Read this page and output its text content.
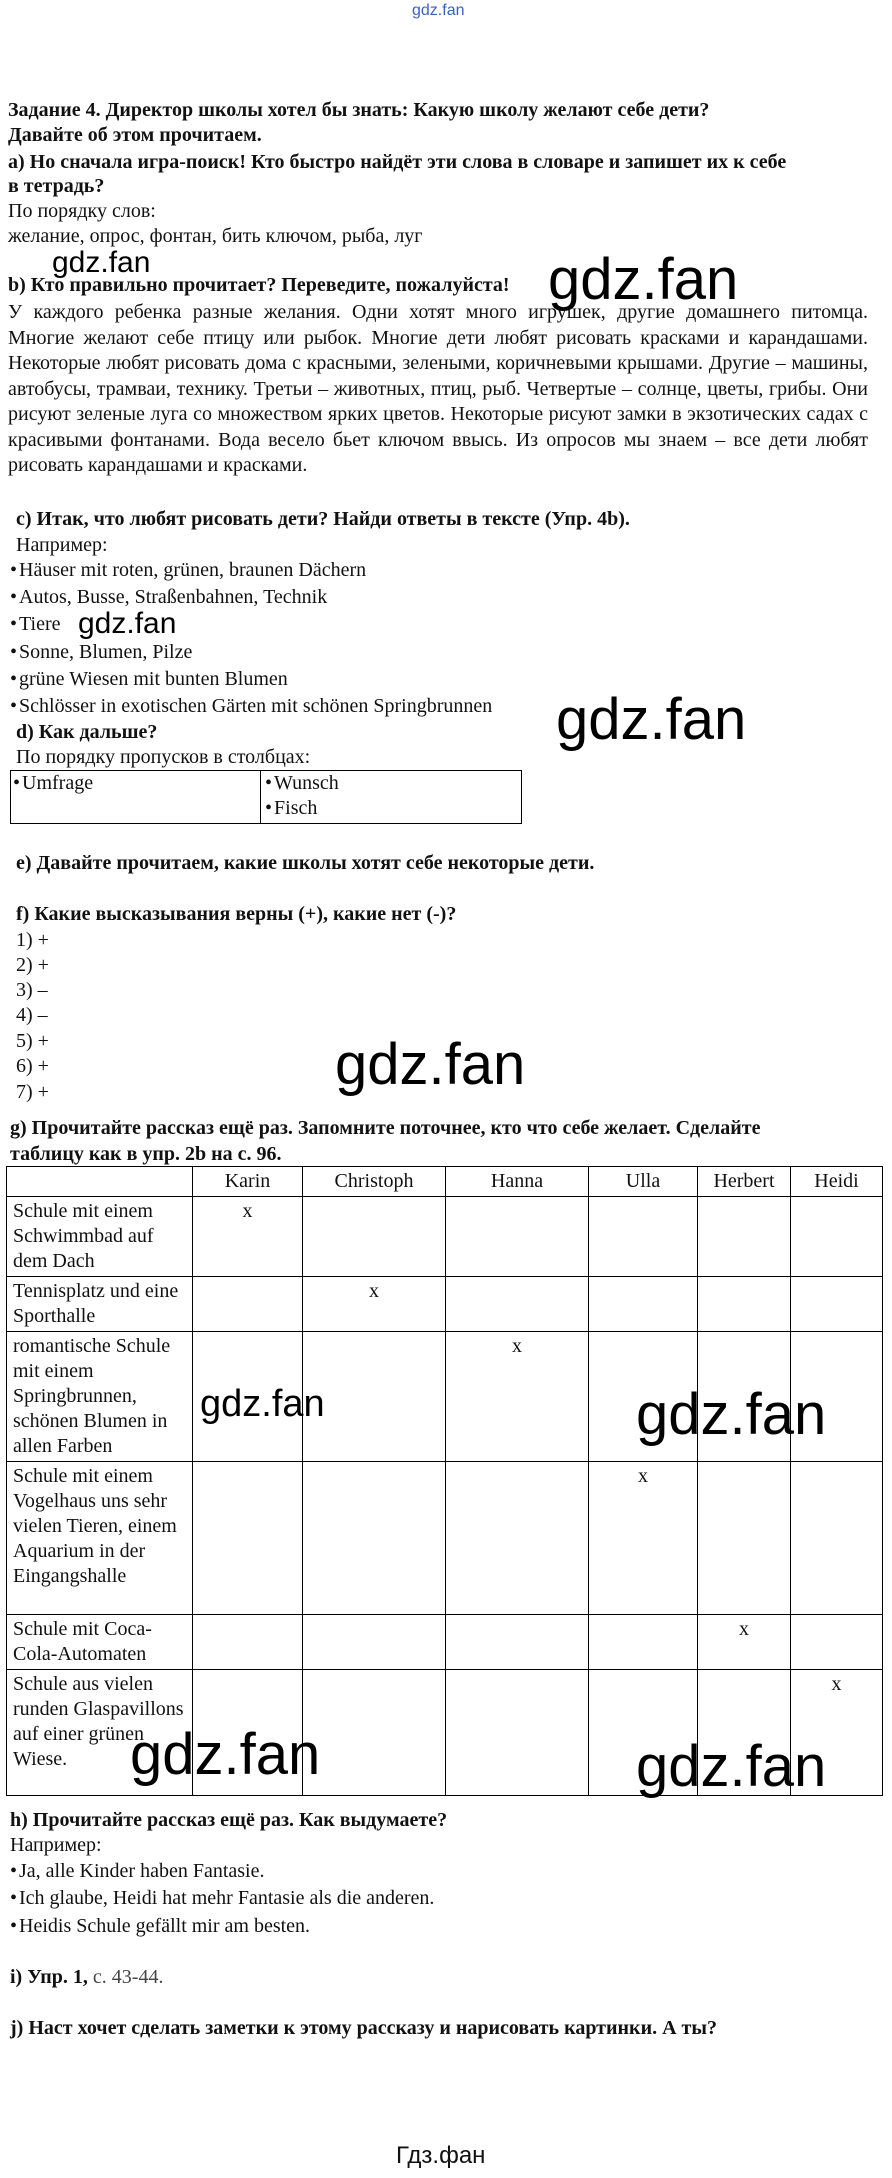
gdz.fan
Задание 4. Директор школы хотел бы знать: Какую школу желают себе дети?
Давайте об этом прочитаем.
a) Но сначала игра-поиск! Кто быстро найдёт эти слова в словаре и запишет их к себе
в тетрадь?
По порядку слов:
желание, опрос, фонтан, бить ключом, рыба, луг
gdz.fan
b) Кто правильно прочитает? Переведите, пожалуйста! gdz.fan
У каждого ребенка разные желания. Одни хотят много игрушек, другие домашнего питомца. Многие желают себе птицу или рыбок. Многие дети любят рисовать красками и карандашами. Некоторые любят рисовать дома с красными, зелеными, коричневыми крышами. Другие – машины, автобусы, трамваи, технику. Третьи – животных, птиц, рыб. Четвертые – солнце, цветы, грибы. Они рисуют зеленые луга со множеством ярких цветов. Некоторые рисуют замки в экзотических садах с красивыми фонтанами. Вода весело бьет ключом ввысь. Из опросов мы знаем – все дети любят рисовать карандашами и красками.
c) Итак, что любят рисовать дети? Найди ответы в тексте (Упр. 4b).
Например:
• Häuser mit roten, grünen, braunen Dächern
• Autos, Busse, Straßenbahnen, Technik
• Tiere gdz.fan
• Sonne, Blumen, Pilze
• grüne Wiesen mit bunten Blumen
• Schlösser in exotischen Gärten mit schönen Springbrunnen gdz.fan
d) Как дальше?
По порядку пропусков в столбцах:
• Umfrage

•Wunsch
• Fisch
e) Давайте прочитаем, какие школы хотят себе некоторые дети.
f) Какие высказывания верны (+), какие нет (-)?
1) +
2) +
3) –
4) –
5) +
6) +
7) +	gdz.fan
g) Прочитайте рассказ ещё раз. Запомните поточнее, кто что себе желает. Сделайте
таблицу как в упр. 2b на с. 96.
	Karin	Christoph	Hanna	Ulla	Herbert	Heidi
Schule mit einem Schwimmbad auf dem Dach	x					
Tennisplatz und eine Sporthalle		x				
romantische Schule mit einem Springbrunnen, schönen Blumen in allen Farben			x			
Schule mit einem Vogelhaus uns sehr vielen Tieren, einem Aquarium in der Eingangshalle				x		
Schule mit Coca-Cola-Automaten					x	
Schule aus vielen runden Glaspavillons auf einer grünen Wiese.						x
gdz.fan	gdz.fan
gdz.fan	gdz.fan
h) Прочитайте рассказ ещё раз. Как выдумаете?
Например:
• Ja, alle Kinder haben Fantasie.
• Ich glaube, Heidi hat mehr Fantasie als die anderen.
• Heidis Schule gefällt mir am besten.
i) Упр. 1, с. 43-44.
j) Наст хочет сделать заметки к этому рассказу и нарисовать картинки. А ты?
Гдз.фан
